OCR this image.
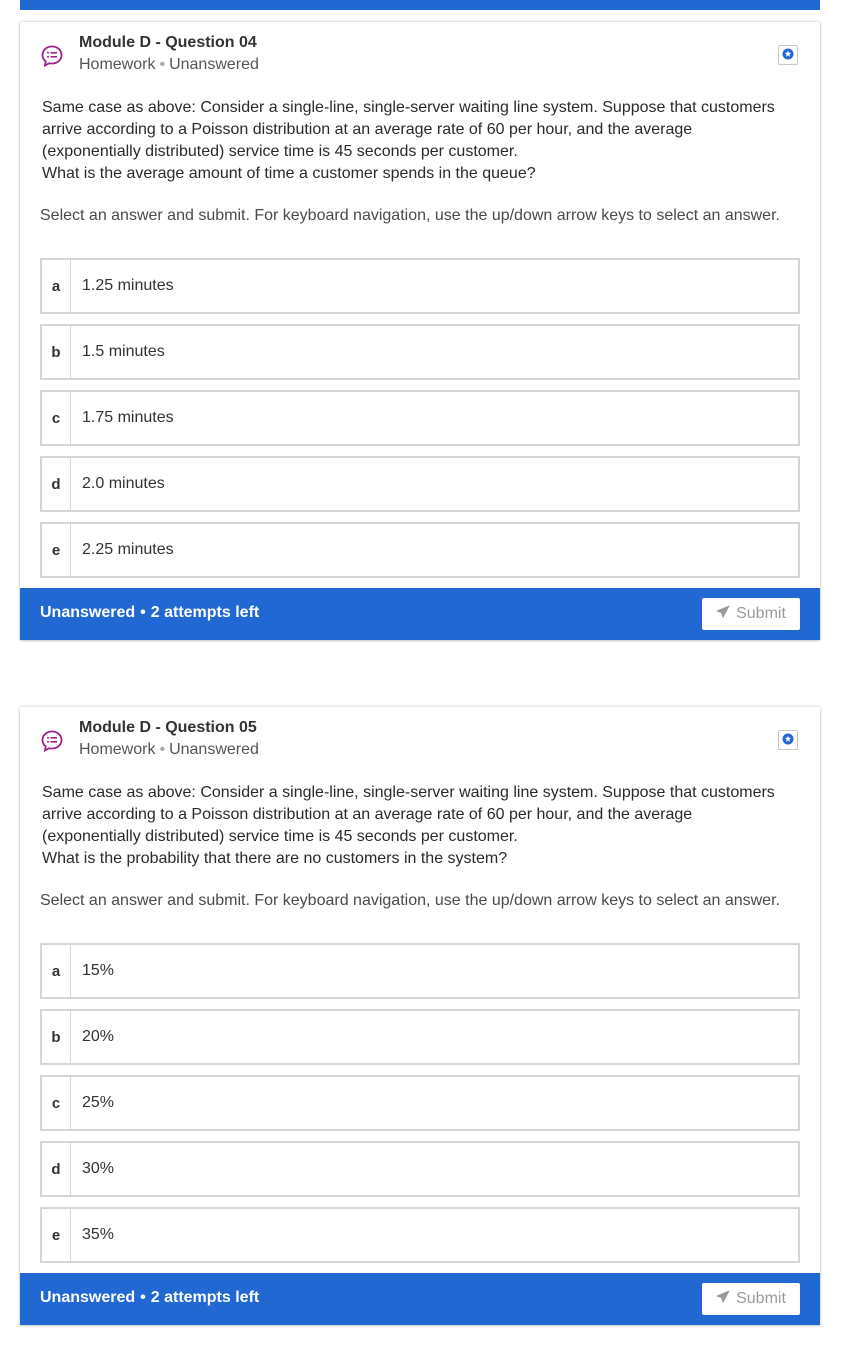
Module D - Question 04
Homework • Unanswered
Same case as above: Consider a single-line, single-server waiting line system. Suppose that customers arrive according to a Poisson distribution at an average rate of 60 per hour, and the average (exponentially distributed) service time is 45 seconds per customer.
What is the average amount of time a customer spends in the queue?
Select an answer and submit. For keyboard navigation, use the up/down arrow keys to select an answer.
a	1.25 minutes
b	1.5 minutes
c	1.75 minutes
d	2.0 minutes
e	2.25 minutes
Unanswered • 2 attempts left	Submit
Module D - Question 05
Homework • Unanswered
Same case as above: Consider a single-line, single-server waiting line system. Suppose that customers arrive according to a Poisson distribution at an average rate of 60 per hour, and the average (exponentially distributed) service time is 45 seconds per customer.
What is the probability that there are no customers in the system?
Select an answer and submit. For keyboard navigation, use the up/down arrow keys to select an answer.
a	15%
b	20%
c	25%
d	30%
e	35%
Unanswered • 2 attempts left	Submit
